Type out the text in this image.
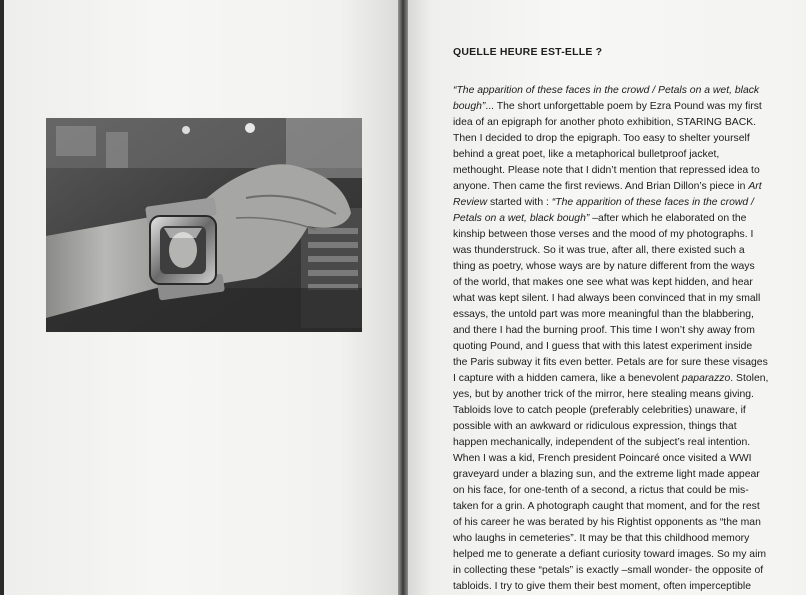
QUELLE HEURE EST-ELLE ?

“The apparition of these faces in the crowd / Petals on a wet, black
bough”... The short unforgettable poem by Ezra Pound was my first
idea of an epigraph for another photo exhibition, STARING BACK.
Then I decided to drop the epigraph. Too easy to shelter yourself
behind a great poet, like a metaphorical bulletproof jacket,
methought. Please note that I didn’t mention that repressed idea to
anyone. Then came the first reviews. And Brian Dillon’s piece in Art
Review started with : “The apparition of these faces in the crowd /
Petals on a wet, black bough” –after which he elaborated on the
kinship between those verses and the mood of my photographs. I
was thunderstruck. So it was true, after all, there existed such a
thing as poetry, whose ways are by nature different from the ways
of the world, that makes one see what was kept hidden, and hear
what was kept silent. I had always been convinced that in my small
essays, the untold part was more meaningful than the blabbering,
and there I had the burning proof. This time I won’t shy away from
quoting Pound, and I guess that with this latest experiment inside
the Paris subway it fits even better. Petals are for sure these visages
I capture with a hidden camera, like a benevolent paparazzo. Stolen,
yes, but by another trick of the mirror, here stealing means giving.
Tabloids love to catch people (preferably celebrities) unaware, if
possible with an awkward or ridiculous expression, things that
happen mechanically, independent of the subject’s real intention.
When I was a kid, French president Poincaré once visited a WWI
graveyard under a blazing sun, and the extreme light made appear
on his face, for one-tenth of a second, a rictus that could be mis-
taken for a grin. A photograph caught that moment, and for the rest
of his career he was berated by his Rightist opponents as “the man
who laughs in cemeteries”. It may be that this childhood memory
helped me to generate a defiant curiosity toward images. So my aim
in collecting these “petals” is exactly –small wonder- the opposite of
tabloids. I try to give them their best moment, often imperceptible
